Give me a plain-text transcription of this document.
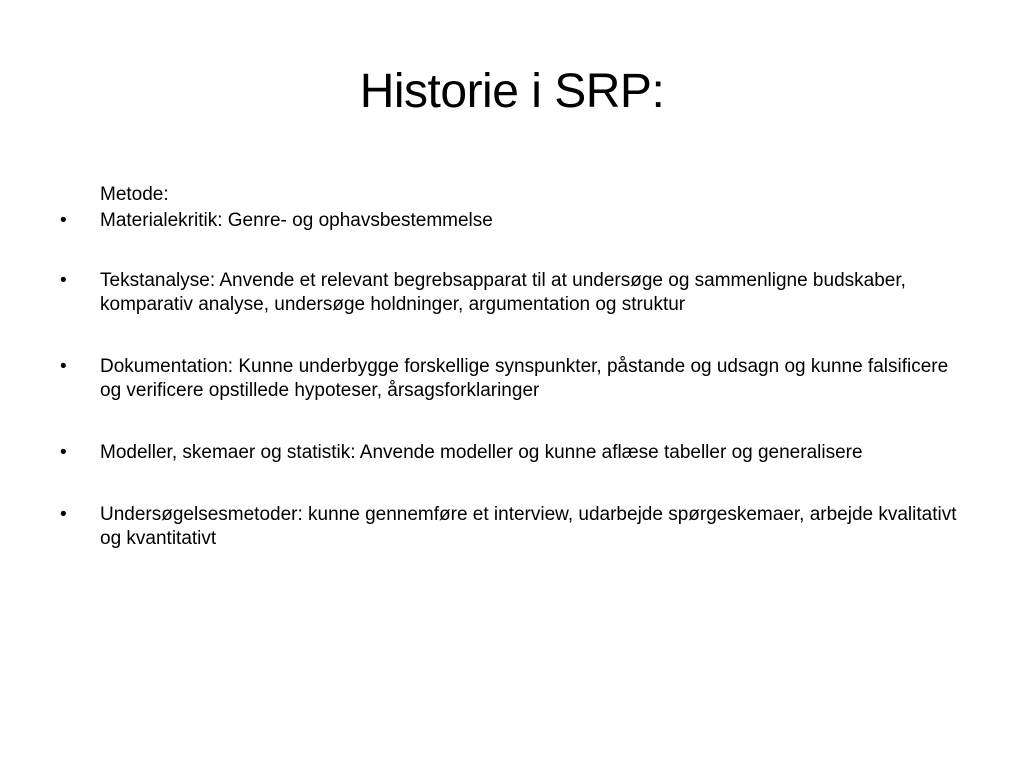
Historie i SRP:
Metode:
•	Materialekritik: Genre- og ophavsbestemmelse
•	Tekstanalyse: Anvende et relevant begrebsapparat til at undersøge og sammenligne budskaber, komparativ analyse, undersøge holdninger, argumentation og struktur
•	Dokumentation: Kunne underbygge forskellige synspunkter, påstande og udsagn og kunne falsificere og verificere opstillede hypoteser, årsagsforklaringer
•	Modeller, skemaer og statistik: Anvende modeller og kunne aflæse tabeller og generalisere
•	Undersøgelsesmetoder: kunne gennemføre et interview, udarbejde spørgeskemaer, arbejde kvalitativt og kvantitativt
